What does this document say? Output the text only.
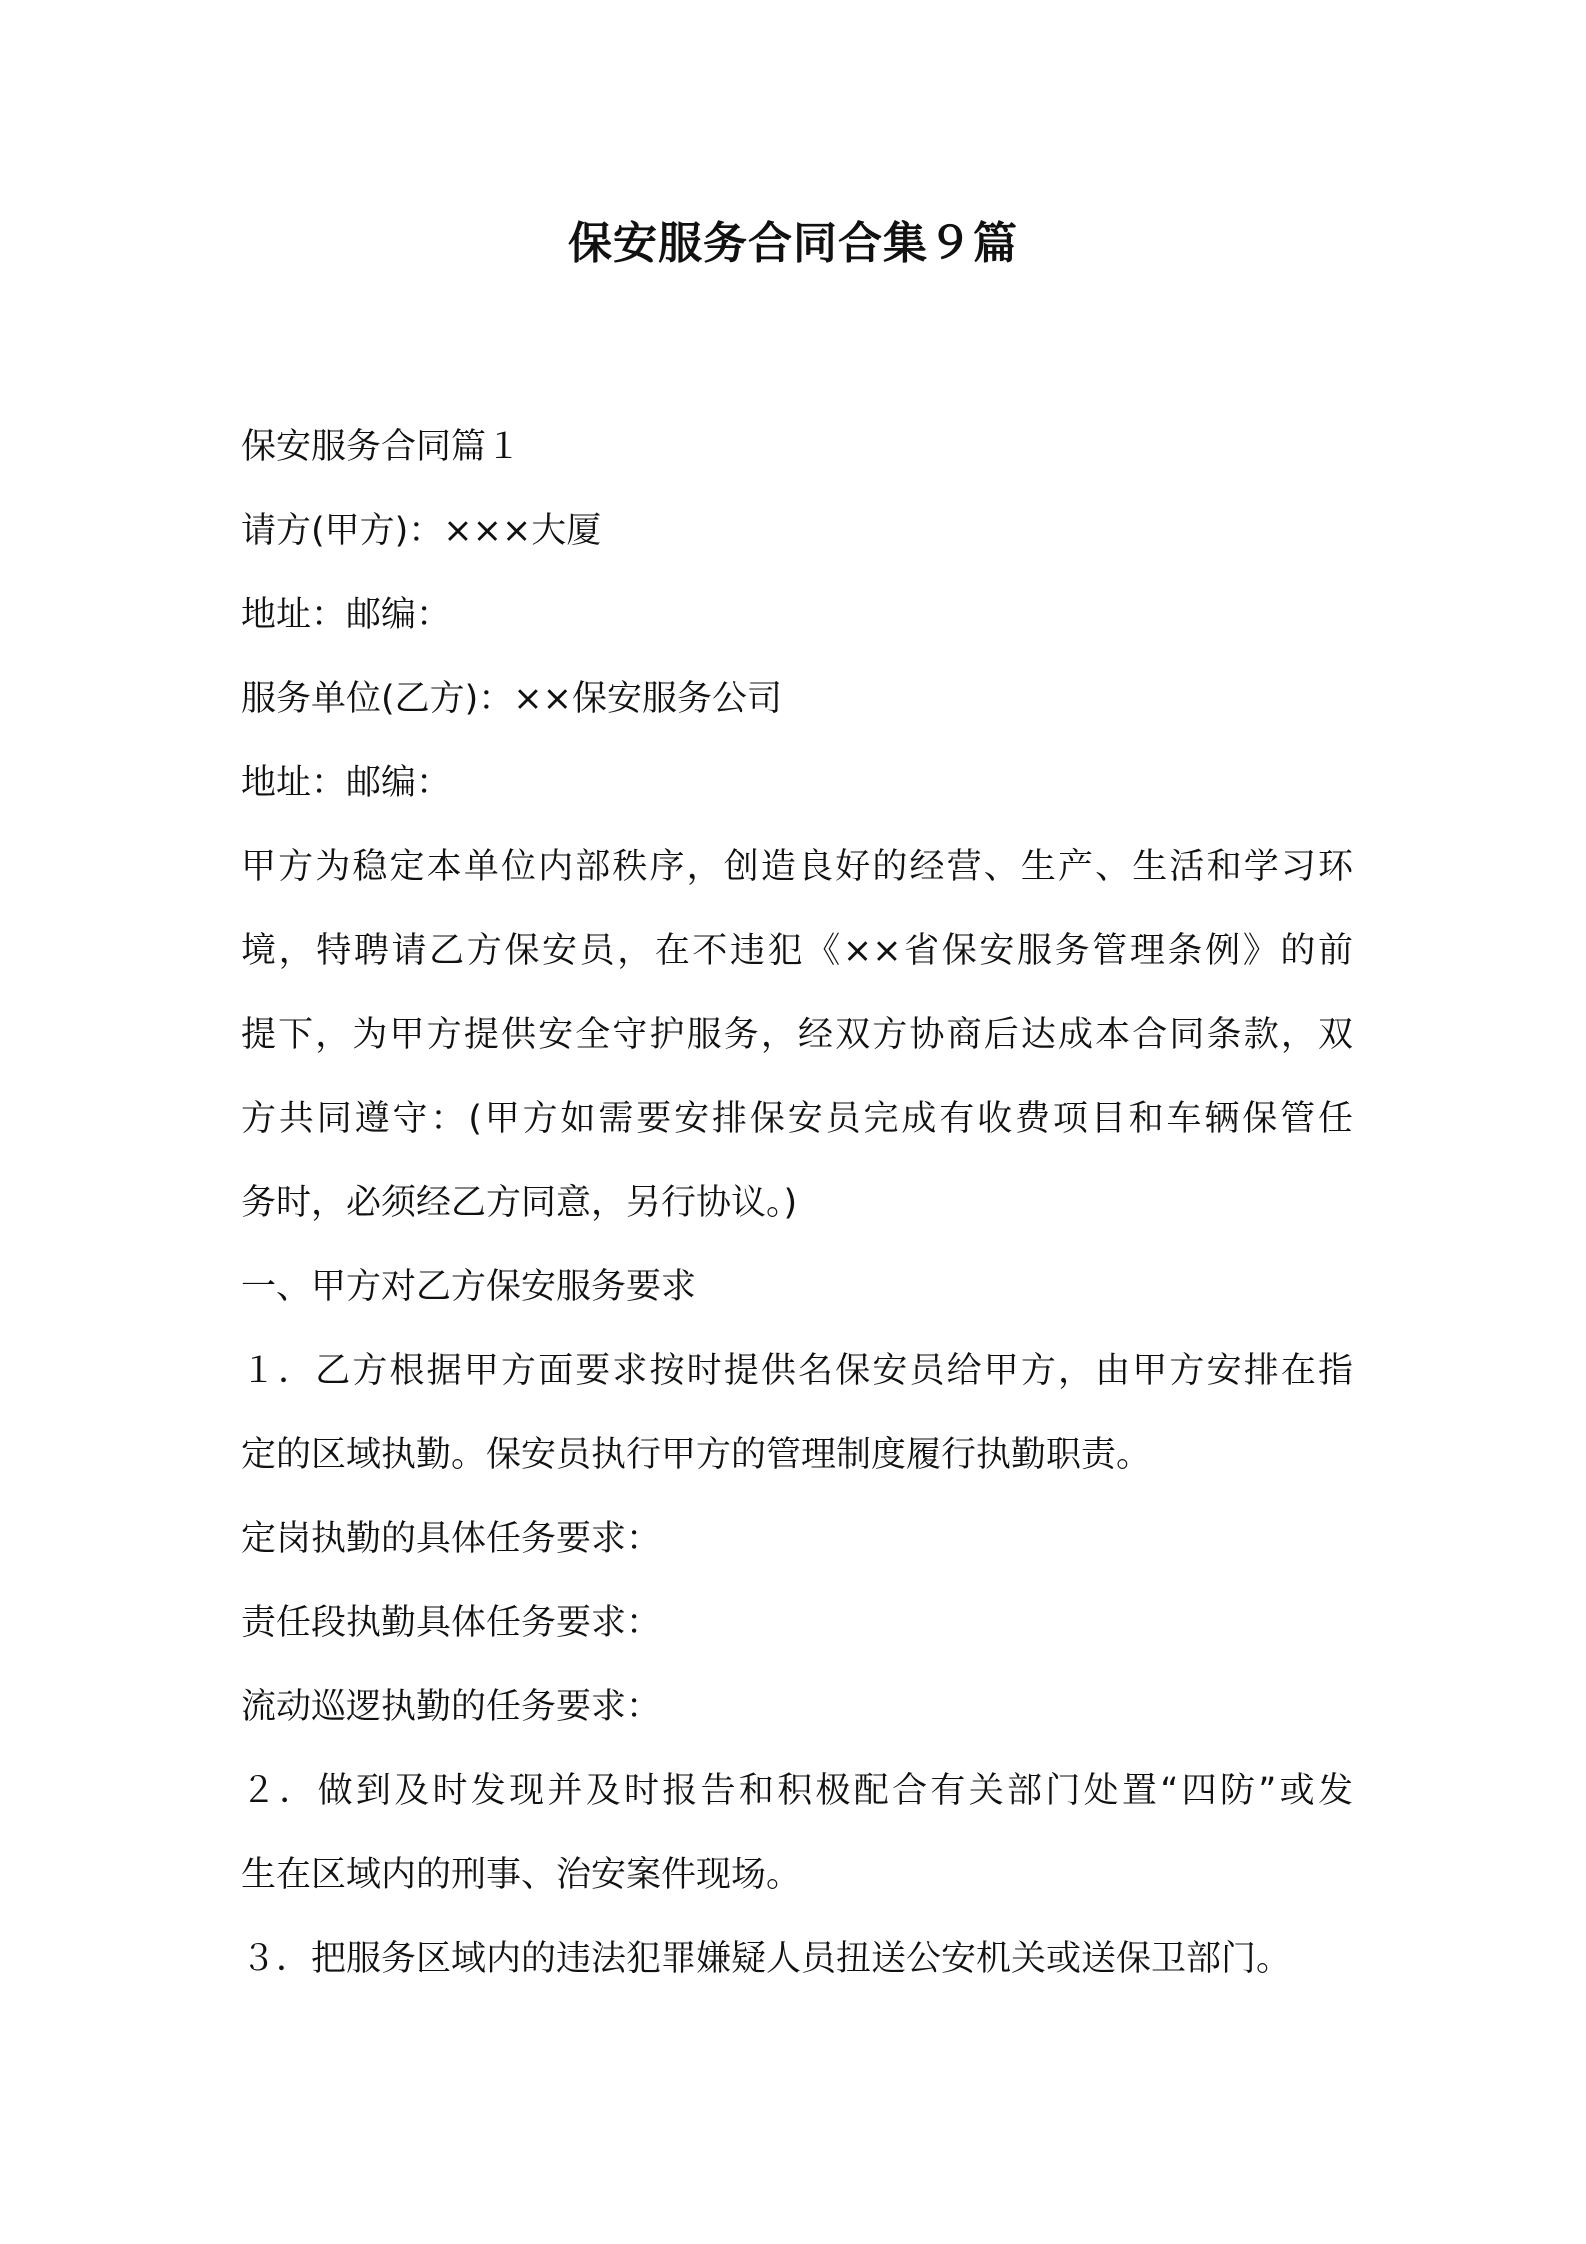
保安服务合同合集９篇

保安服务合同篇１

请方(甲方)：×××大厦

地址：邮编：

服务单位(乙方)：××保安服务公司

地址：邮编：

甲方为稳定本单位内部秩序，创造良好的经营、生产、生活和学习环

境，特聘请乙方保安员，在不违犯《××省保安服务管理条例》的前

提下，为甲方提供安全守护服务，经双方协商后达成本合同条款，双

方共同遵守：(甲方如需要安排保安员完成有收费项目和车辆保管任

务时，必须经乙方同意，另行协议。)

一、甲方对乙方保安服务要求

１．乙方根据甲方面要求按时提供名保安员给甲方，由甲方安排在指

定的区域执勤。保安员执行甲方的管理制度履行执勤职责。

定岗执勤的具体任务要求：

责任段执勤具体任务要求：

流动巡逻执勤的任务要求：

２．做到及时发现并及时报告和积极配合有关部门处置“四防”或发

生在区域内的刑事、治安案件现场。

３．把服务区域内的违法犯罪嫌疑人员扭送公安机关或送保卫部门。
